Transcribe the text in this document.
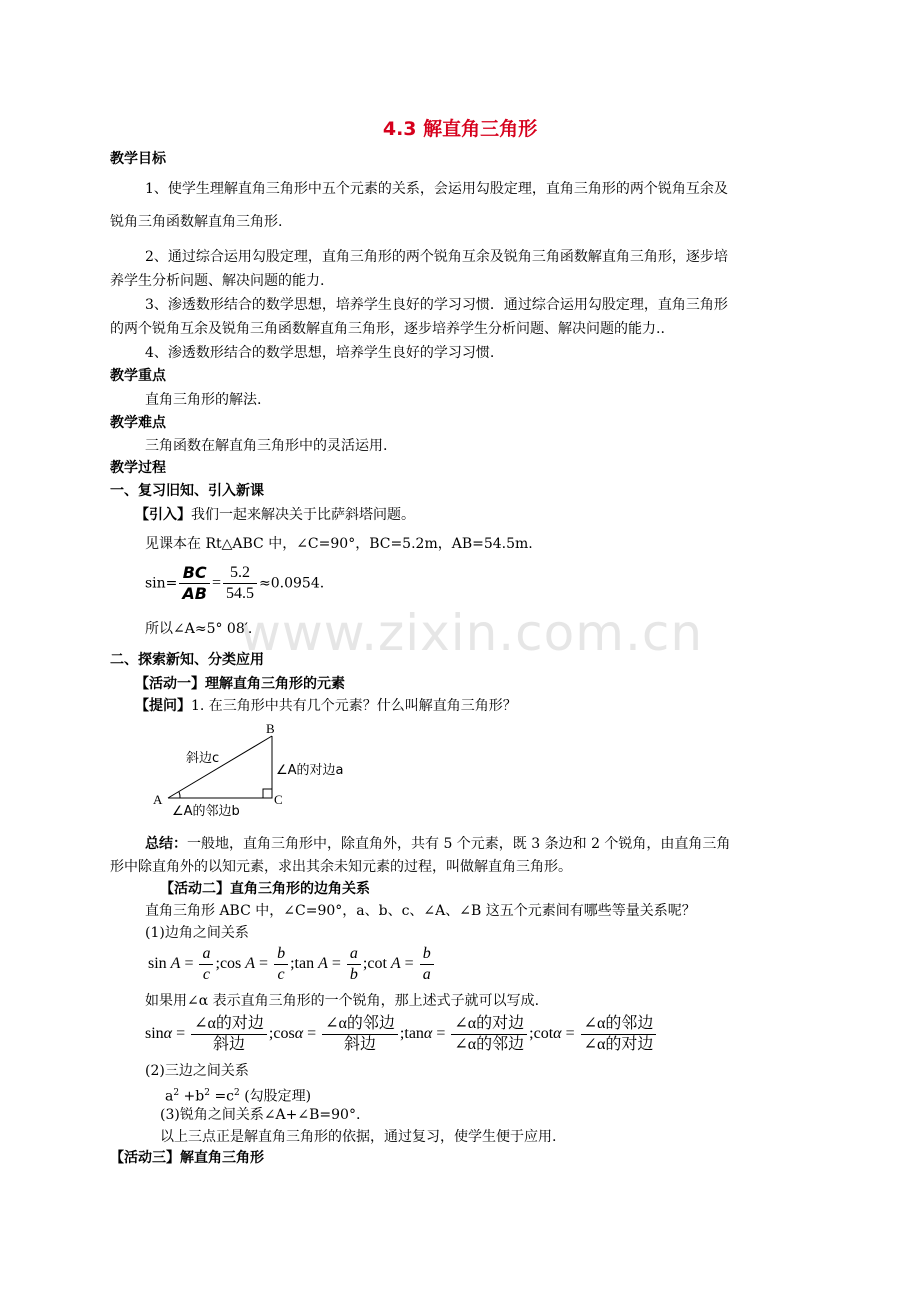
www.zixin.com.cn
4.3 解直角三角形
教学目标
1、使学生理解直角三角形中五个元素的关系，会运用勾股定理，直角三角形的两个锐角互余及
锐角三角函数解直角三角形.
2、通过综合运用勾股定理，直角三角形的两个锐角互余及锐角三角函数解直角三角形，逐步培
养学生分析问题、解决问题的能力.
3、渗透数形结合的数学思想，培养学生良好的学习习惯．通过综合运用勾股定理，直角三角形
的两个锐角互余及锐角三角函数解直角三角形，逐步培养学生分析问题、解决问题的能力..
4、渗透数形结合的数学思想，培养学生良好的学习习惯.
教学重点
直角三角形的解法.
教学难点
三角函数在解直角三角形中的灵活运用.
教学过程
一、复习旧知、引入新课
【引入】我们一起来解决关于比萨斜塔问题。
见课本在 Rt△ABC 中，∠C=90°，BC=5.2m，AB=54.5m.
$\sin= \frac{BC}{AB} = \frac{5.2}{54.5} \approx 0.0954$.
所以∠A≈5° 08′.
二、探索新知、分类应用
【活动一】理解直角三角形的元素
【提问】1. 在三角形中共有几个元素？什么叫解直角三角形？
B
A	C
斜边c
∠A的对边a
∠A的邻边b
总结：一般地，直角三角形中，除直角外，共有 5 个元素，既 3 条边和 2 个锐角，由直角三角
形中除直角外的以知元素，求出其余未知元素的过程，叫做解直角三角形。
【活动二】直角三角形的边角关系
直角三角形 ABC 中，∠C=90°，a、b、c、∠A、∠B 这五个元素间有哪些等量关系呢？
(1)边角之间关系
$\sin A = \frac{a}{c}$ ;cos $A = \frac{b}{c}$ ;tan $A = \frac{a}{b}$ ;cot $A = \frac{b}{a}$
如果用∠α 表示直角三角形的一个锐角，那上述式子就可以写成.
$\sin\alpha = \frac{\text{∠α的对边}}{\text{斜边}}$ ;cosα = $\frac{\text{∠α的邻边}}{\text{斜边}}$ ;tanα = $\frac{\text{∠α的对边}}{\text{∠α的邻边}}$ ;cotα = $\frac{\text{∠α的邻边}}{\text{∠α的对边}}$
(2)三边之间关系
$a^2 +b^2 =c^2$ (勾股定理)
(3)锐角之间关系∠A+∠B=90°.
以上三点正是解直角三角形的依据，通过复习，使学生便于应用.
【活动三】解直角三角形
